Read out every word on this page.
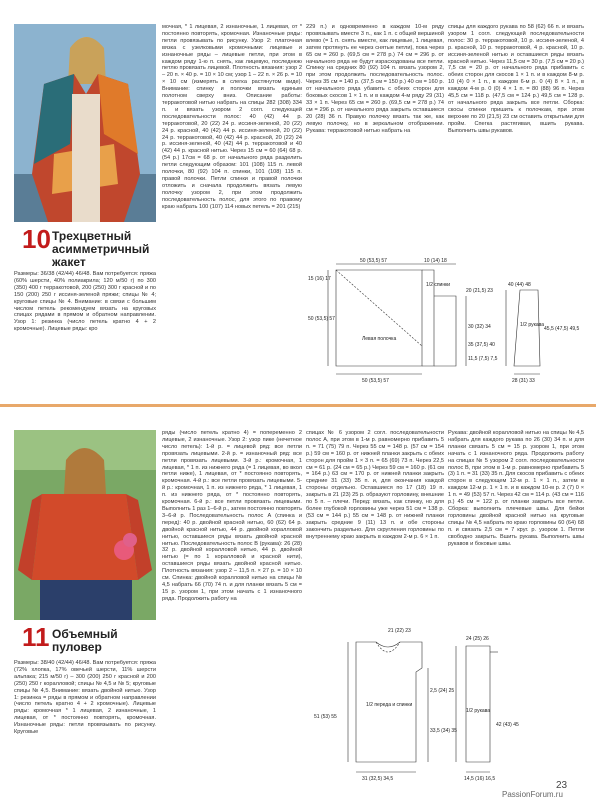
10 Трехцветный
асимметричный
жакет
Размеры: 36/38 (42/44) 46/48. Вам потребуется: пряжа (60% шерсти, 40% полиакрила; 120 м/50 г) по 300 (350) 400 г терракотовой, 200 (250) 300 г красной и по 150 (200) 250 г иссиня-зеленой пряжи; спицы № 4; круговые спицы № 4. Внимание: в связи с большим числом петель рекомендуем вязать на круговых спицах рядами в прямом и обратном направлении. Узор 1: резинка (число петель кратно 4 + 2 кромочные). Лицевые ряды: кро
мочная, * 1 лицевая, 2 изнаночные, 1 лицевая, от * постоянно повторять, кромочная. Изнаночные ряды: петли провязывать по рисунку. Узор 2: платочная вязка с узелковыми кромочными: лицевые и изнаночные ряды – лицевые петли, при этом в каждом ряду 1-ю п. снять, как лицевую, последнюю петлю провязать лицевой. Плотность вязания: узор 2 – 20 п. × 40 р. = 10 × 10 см; узор 1 – 22 п. × 26 р. = 10 × 10 см (измерять в слегка растянутом виде). Внимание: спинку и полочки вязать единым полотном сверху вниз. Описание работы: терракотовой нитью набрать на спицы 282 (308) 334 п. и вязать узором 2 согл. следующей последовательности полос: 40 (42) 44 р. терракотовой, 20 (22) 24 р. иссиня-зеленой, 20 (22) 24 р. красной, 40 (42) 44 р. иссиня-зеленой, 20 (22) 24 р. терракотовой, 40 (42) 44 р. красной, 20 (22) 24 р. иссиня-зеленой, 40 (42) 44 р. терракотовой и 40 (42) 44 р. красной нитью. Через 15 см = 60 (64) 68 р. (54 р.) 17см = 68 р. от начального ряда разделить петли следующим образом: 101 (108) 115 п. левой полочки, 80 (92) 104 п. спинки, 101 (108) 115 п. правой полочки. Петли спинки и правой полочки отложить и сначала продолжить вязать левую полочку узором 2, при этом продолжить последовательность полос, для этого по правому краю набрать 100 (107) 114 новых петель = 201 (215)
229 п.) и одновременно в каждом 10-м ряду провязывать вместе 3 п., как 1 п. с общей вершиной влево (= 1 п. снять вместе, как лицевые, 1 лицевая, затем протянуть ее через снятые петли), пока через 65 см = 260 р. (69,5 см = 278 р.) 74 см = 296 р. от начального ряда не будут израсходованы все петли. Спинку на средних 80 (92) 104 п. вязать узором 2, при этом продолжить последовательность полос. Через 35 см = 140 р. (37,5 см = 150 р.) 40 см = 160 р. от начального ряда убавить с обеих сторон для боковых скосов 1 × 1 п. и в каждом 4-м ряду 29 (31) 33 × 1 п. Через 65 см = 260 р. (69,5 см = 278 р.) 74 см = 296 р. от начального ряда закрыть оставшиеся 20 (28) 36 п. Правую полочку вязать так же, как левую полочку, но в зеркальном отображении. Рукава: терракотовой нитью набрать на
спицы для каждого рукава по 58 (62) 66 п. и вязать узором 1 согл. следующей последовательности полос: 30 р. терракотовой, 10 р. иссиня-зеленой, 4 р. красной, 10 р. терракотовой, 4 р. красной, 10 р. иссиня-зеленой нитью и оставшиеся ряды вязать красной нитью. Через 11,5 см = 30 р. (7,5 см = 20 р.) 7,5 см = 20 р. от начального ряда прибавить с обеих сторон для скосов 1 × 1 п. и в каждом 8-м р. 10 (4) 0 × 1 п., в каждом 6-м р. 0 (4) 8 × 1 п., в каждом 4-м р. 0 (0) 4 × 1 п. = 80 (88) 96 п. Через 45,5 см = 118 р. (47,5 см = 124 р.) 49,5 см = 128 р. от начального ряда закрыть все петли. Сборка: скосы спинки пришить к полочкам, при этом верхние по 20 (21,5) 23 см оставить открытыми для пройм. Спегка растягивая, вшить рукава. Выполнить швы рукавов.
50 (53,5) 57	10 (14) 18
15 (16) 17
50 (53,5) 57
Левая полочка
1/2 спинки
20 (21,5) 23
30 (32) 34
35 (37,5) 40
11,5 (7,5) 7,5
1/2 рукава
45,5 (47,5) 49,5
40 (44) 48
50 (53,5) 57	28 (31) 33
11 Объемный
пуловер
Размеры: 38/40 (42/44) 46/48. Вам потребуется: пряжа (72% хлопка, 17% овечьей шерсти, 11% шерсти альпака; 215 м/50 г) – 300 (200) 250 г красной и 200 (250) 250 г коралловой; спицы № 4,5 и № 5; круговые спицы № 4,5. Внимание: вязать двойной нитью. Узор 1: резинка = ряды в прямом и обратном направлении (число петель кратно 4 + 2 кромочные). Лицевые ряды: кромочная * 1 лицевая, 2 изнаночные, 1 лицевая, от * постоянно повторять, кромочная. Изнаночные ряды: петли провязывать по рисунку. Круговые
ряды (число петель кратно 4) = попеременно 2 лицевые, 2 изнаночные. Узор 2: узор пике (нечетное число петель): 1-й р. = лицевой ряд: все петли провязать лицевыми. 2-й р. = изнаночный ряд: все петли провязать лицевыми. 3-й р.: кромочная, 1 лицевая, * 1 п. из нижнего ряда (= 1 лицевая, во вкол петли ниже), 1 лицевая, от * постоянно повторять, кромочная. 4-й р.: все петли провязать лицевыми. 5-й р.: кромочная, 1 п. из нижнего ряда, * 1 лицевая, 1 п. из нижнего ряда, от * постоянно повторять, кромочная. 6-й р.: все петли провязать лицевыми. Выполнить 1 раз 1–6-й р., затем постоянно повторять 3–6-й р. Последовательность полос A (спинка и перед): 40 р. двойной красной нитью, 60 (62) 64 р. двойной красной нитью, 44 р. двойной коралловой нитью, оставшиеся ряды вязать двойной красной нитью. Последовательность полос B (рукава): 26 (28) 32 р. двойной коралловой нитью, 44 р. двойной нитью (= по 1 коралловой и красной нити), оставшиеся ряды вязать двойной красной нитью. Плотность вязания: узор 2 – 11,5 п. × 27 р. = 10 × 10 см. Спинка: двойной коралловой нитью на спицы № 4,5 набрать 66 (70) 74 п. и для планки вязать 5 см = 15 р. узором 1, при этом начать с 1 изнаночного ряда. Продолжить работу на
спицах № 6 узором 2 согл. последовательности полос A, при этом в 1-м р. равномерно прибавить 5 п. = 71 (75) 79 п. Через 55 см = 148 р. (57 см = 154 р.) 59 см = 160 р. от нижней планки закрыть с обеих сторон для пройм 1 × 3 п. = 65 (69) 73 п. Через 22,5 см = 61 р. (24 см = 65 р.) Через 59 см = 160 р. (61 см = 164 р.) 63 см = 170 р. от нижней планки закрыть средние 31 (33) 35 п. и, для окончания каждой стороны отдельно. Оставшиеся по 17 (18) 19 п. закрыть в 21 (23) 25 р. образуют горловину, внешние по 5 п. – плечи. Перед: вязать, как спинку, но для более глубокой горловины уже через 51 см = 138 р. (53 см = 144 р.) 55 см = 148 р. от нижней планки закрыть средние 9 (11) 13 п. и обе стороны закончить раздельно. Для скругления горловины по внутреннему краю закрыть в каждом 2-м р. 6 × 1 п.
Рукава: двойной коралловой нитью на спицы № 4,5 набрать для каждого рукава по 26 (30) 34 п. и для планки связать 5 см = 15 р. узором 1, при этом начать с 1 изнаночного ряда. Продолжить работу на спицах № 5 узором 2 согл. последовательности полос B, при этом в 1-м р. равномерно прибавить 5 (3) 1 п. = 31 (33) 35 п. Для скосов прибавить с обеих сторон в следующем 12-м р. 1 × 1 п., затем в каждом 12-м р. 1 × 1 п. и в каждом 10-м р. 2 (7) 0 × 1 п. = 49 (53) 57 п. Через 42 см = 114 р. (43 см = 116 р.) 45 см = 122 р. от планки закрыть все петли. Сборка: выполнить плечевые швы. Для бейки горловины двойной красной нитью на круговые спицы № 4,5 набрать по краю горловины 60 (64) 68 п. и связать 2,5 см = 7 круг. р. узором 1. Петли свободно закрыть. Вшить рукава. Выполнить швы рукавов и боковые швы.
21 (22) 23
1/2 переда и спинки
1/2 рукава
51 (53) 55
33,5 (34) 35
2,5 (24) 25
42 (43) 45
24 (25) 26
31 (32,5) 34,5	14,5 (16) 16,5
23
PassionForum.ru
